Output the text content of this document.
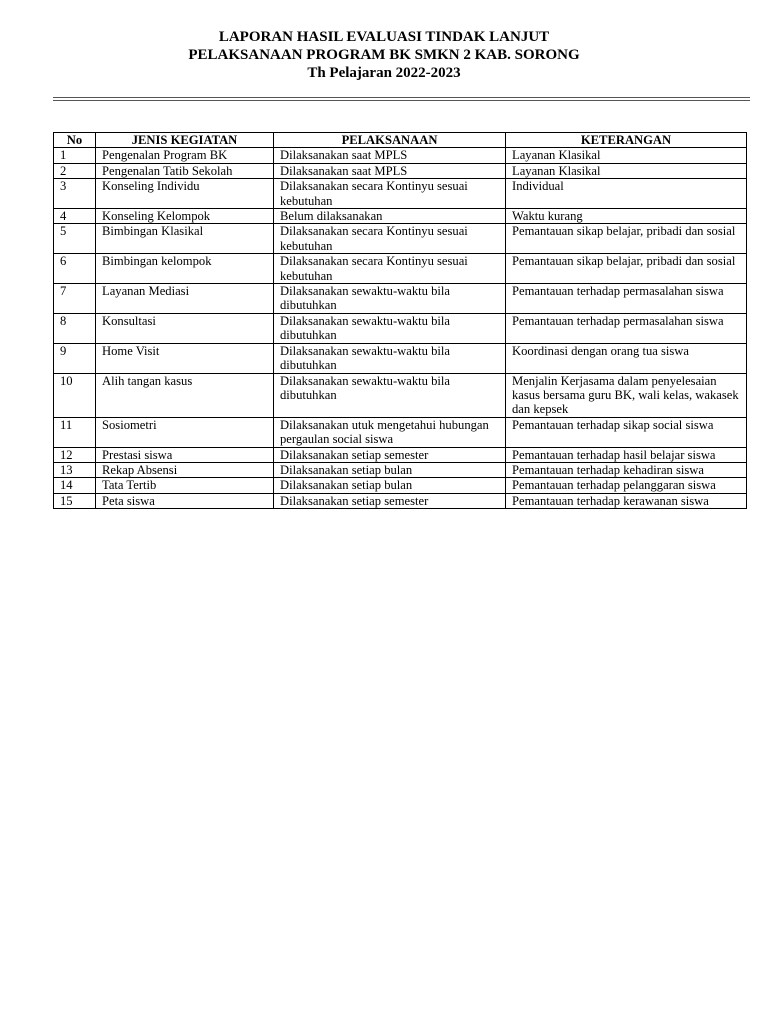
LAPORAN HASIL EVALUASI TINDAK LANJUT
PELAKSANAAN PROGRAM BK SMKN 2 KAB. SORONG
Th Pelajaran 2022-2023
No	JENIS KEGIATAN	PELAKSANAAN	KETERANGAN
1	Pengenalan Program BK	Dilaksanakan saat MPLS	Layanan Klasikal
2	Pengenalan Tatib Sekolah	Dilaksanakan saat MPLS	Layanan Klasikal
3	Konseling Individu	Dilaksanakan secara Kontinyu sesuai kebutuhan	Individual
4	Konseling Kelompok	Belum dilaksanakan	Waktu kurang
5	Bimbingan Klasikal	Dilaksanakan secara Kontinyu sesuai kebutuhan	Pemantauan sikap belajar, pribadi dan sosial
6	Bimbingan kelompok	Dilaksanakan secara Kontinyu sesuai kebutuhan	Pemantauan sikap belajar, pribadi dan sosial
7	Layanan Mediasi	Dilaksanakan sewaktu-waktu bila dibutuhkan	Pemantauan terhadap permasalahan siswa
8	Konsultasi	Dilaksanakan sewaktu-waktu bila dibutuhkan	Pemantauan terhadap permasalahan siswa
9	Home Visit	Dilaksanakan sewaktu-waktu bila dibutuhkan	Koordinasi dengan orang tua siswa
10	Alih tangan kasus	Dilaksanakan sewaktu-waktu bila dibutuhkan	Menjalin Kerjasama dalam penyelesaian kasus bersama guru BK, wali kelas, wakasek dan kepsek
11	Sosiometri	Dilaksanakan utuk mengetahui hubungan pergaulan social siswa	Pemantauan terhadap sikap social siswa
12	Prestasi siswa	Dilaksanakan setiap semester	Pemantauan terhadap hasil belajar siswa
13	Rekap Absensi	Dilaksanakan setiap bulan	Pemantauan terhadap kehadiran siswa
14	Tata Tertib	Dilaksanakan setiap bulan	Pemantauan terhadap pelanggaran siswa
15	Peta siswa	Dilaksanakan setiap semester	Pemantauan terhadap kerawanan siswa
